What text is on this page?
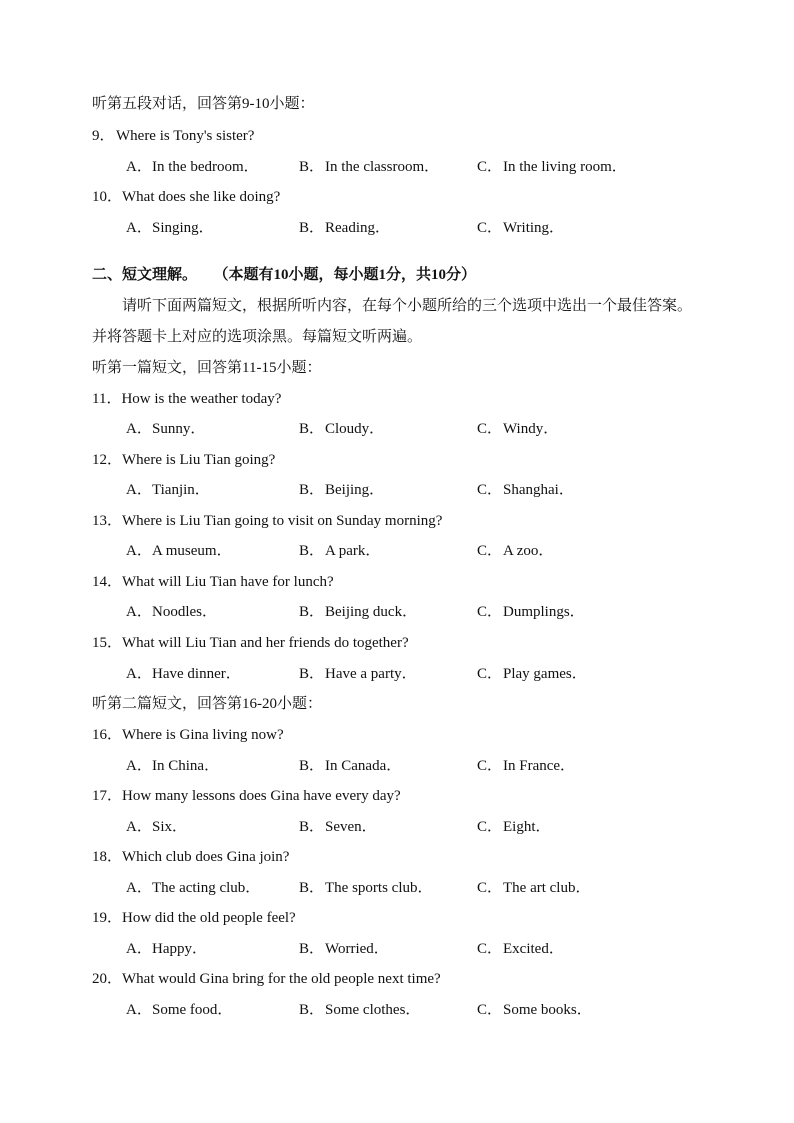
听第五段对话，回答第9-10小题：
9．Where is Tony's sister?
A．In the bedroom．	B．In the classroom．	C．In the living room．
10．What does she like doing?
A．Singing．	B．Reading．	C．Writing．
二、短文理解。 （本题有10小题，每小题1分，共10分）
请听下面两篇短文，根据所听内容，在每个小题所给的三个选项中选出一个最佳答案。
并将答题卡上对应的选项涂黑。每篇短文听两遍。
听第一篇短文，回答第11-15小题：
11．How is the weather today?
A．Sunny．	B．Cloudy．	C．Windy．
12．Where is Liu Tian going?
A．Tianjin．	B．Beijing．	C．Shanghai．
13．Where is Liu Tian going to visit on Sunday morning?
A．A museum．	B．A park．	C．A zoo．
14．What will Liu Tian have for lunch?
A．Noodles．	B．Beijing duck．	C．Dumplings．
15．What will Liu Tian and her friends do together?
A．Have dinner．	B．Have a party．	C．Play games．
听第二篇短文，回答第16-20小题：
16．Where is Gina living now?
A．In China．	B．In Canada．	C．In France．
17．How many lessons does Gina have every day?
A．Six．	B．Seven．	C．Eight．
18．Which club does Gina join?
A．The acting club．	B．The sports club．	C．The art club．
19．How did the old people feel?
A．Happy．	B．Worried．	C．Excited．
20．What would Gina bring for the old people next time?
A．Some food．	B．Some clothes．	C．Some books．
